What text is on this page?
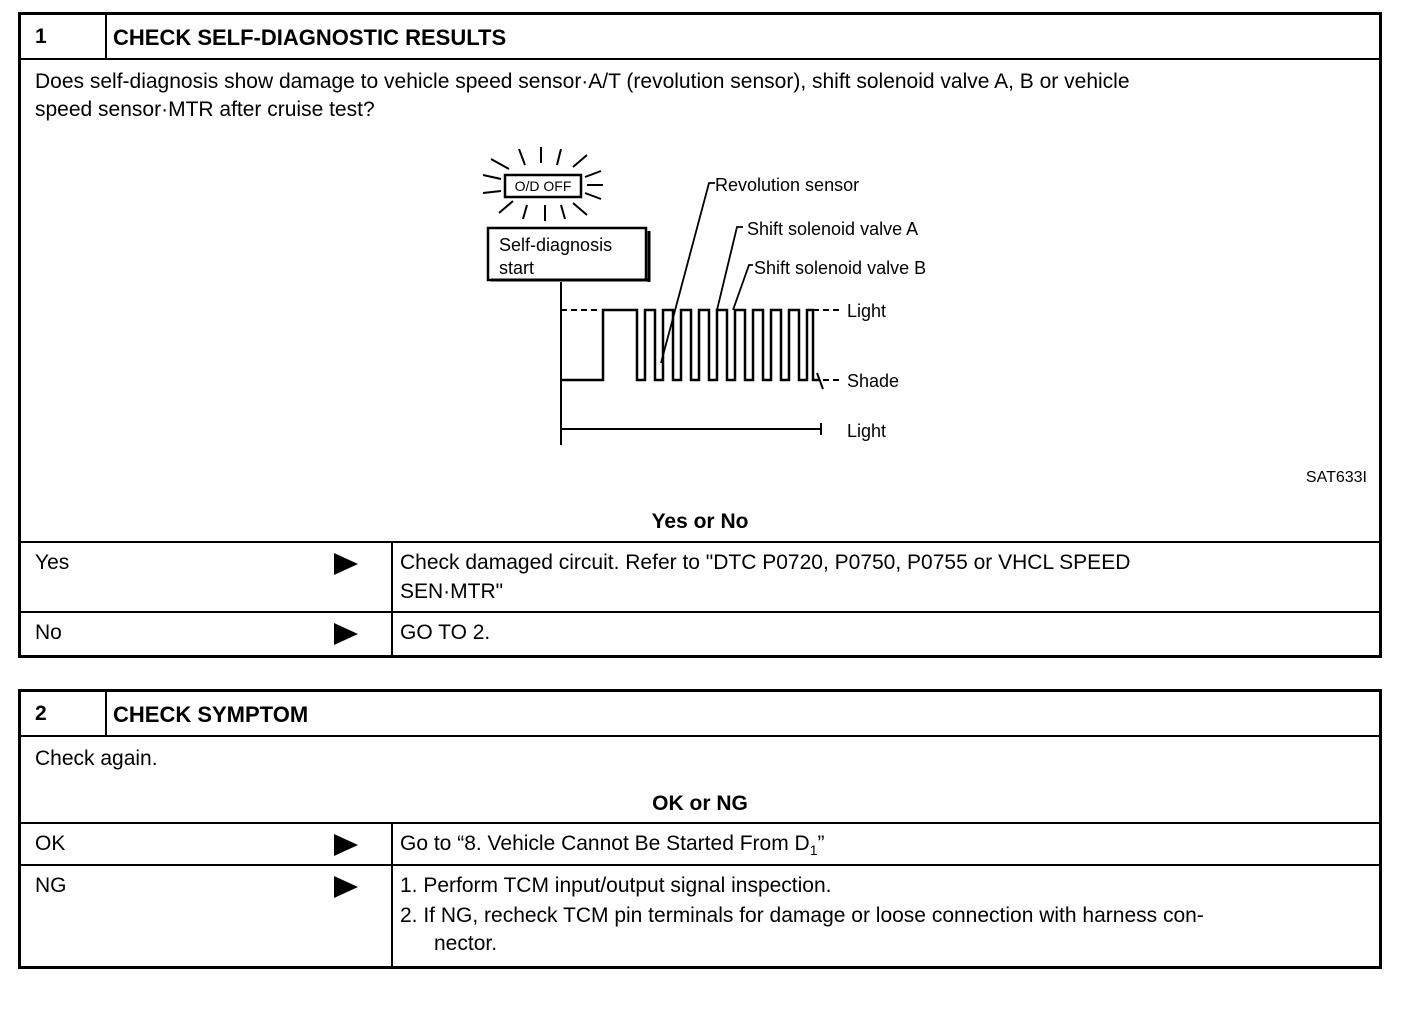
1	CHECK SELF-DIAGNOSTIC RESULTS
Does self-diagnosis show damage to vehicle speed sensor·A/T (revolution sensor), shift solenoid valve A, B or vehicle
speed sensor·MTR after cruise test?
O/D OFF
Self-diagnosis
start
Revolution sensor
Shift solenoid valve A
Shift solenoid valve B
Light
Shade
Light
SAT633I
Yes or No
Yes	Check damaged circuit. Refer to "DTC P0720, P0750, P0755 or VHCL SPEED
SEN·MTR"
No	GO TO 2.
2	CHECK SYMPTOM
Check again.
OK or NG
OK	Go to “8. Vehicle Cannot Be Started From $D_1$”
NG	1. Perform TCM input/output signal inspection.
2. If NG, recheck TCM pin terminals for damage or loose connection with harness con-
nector.
